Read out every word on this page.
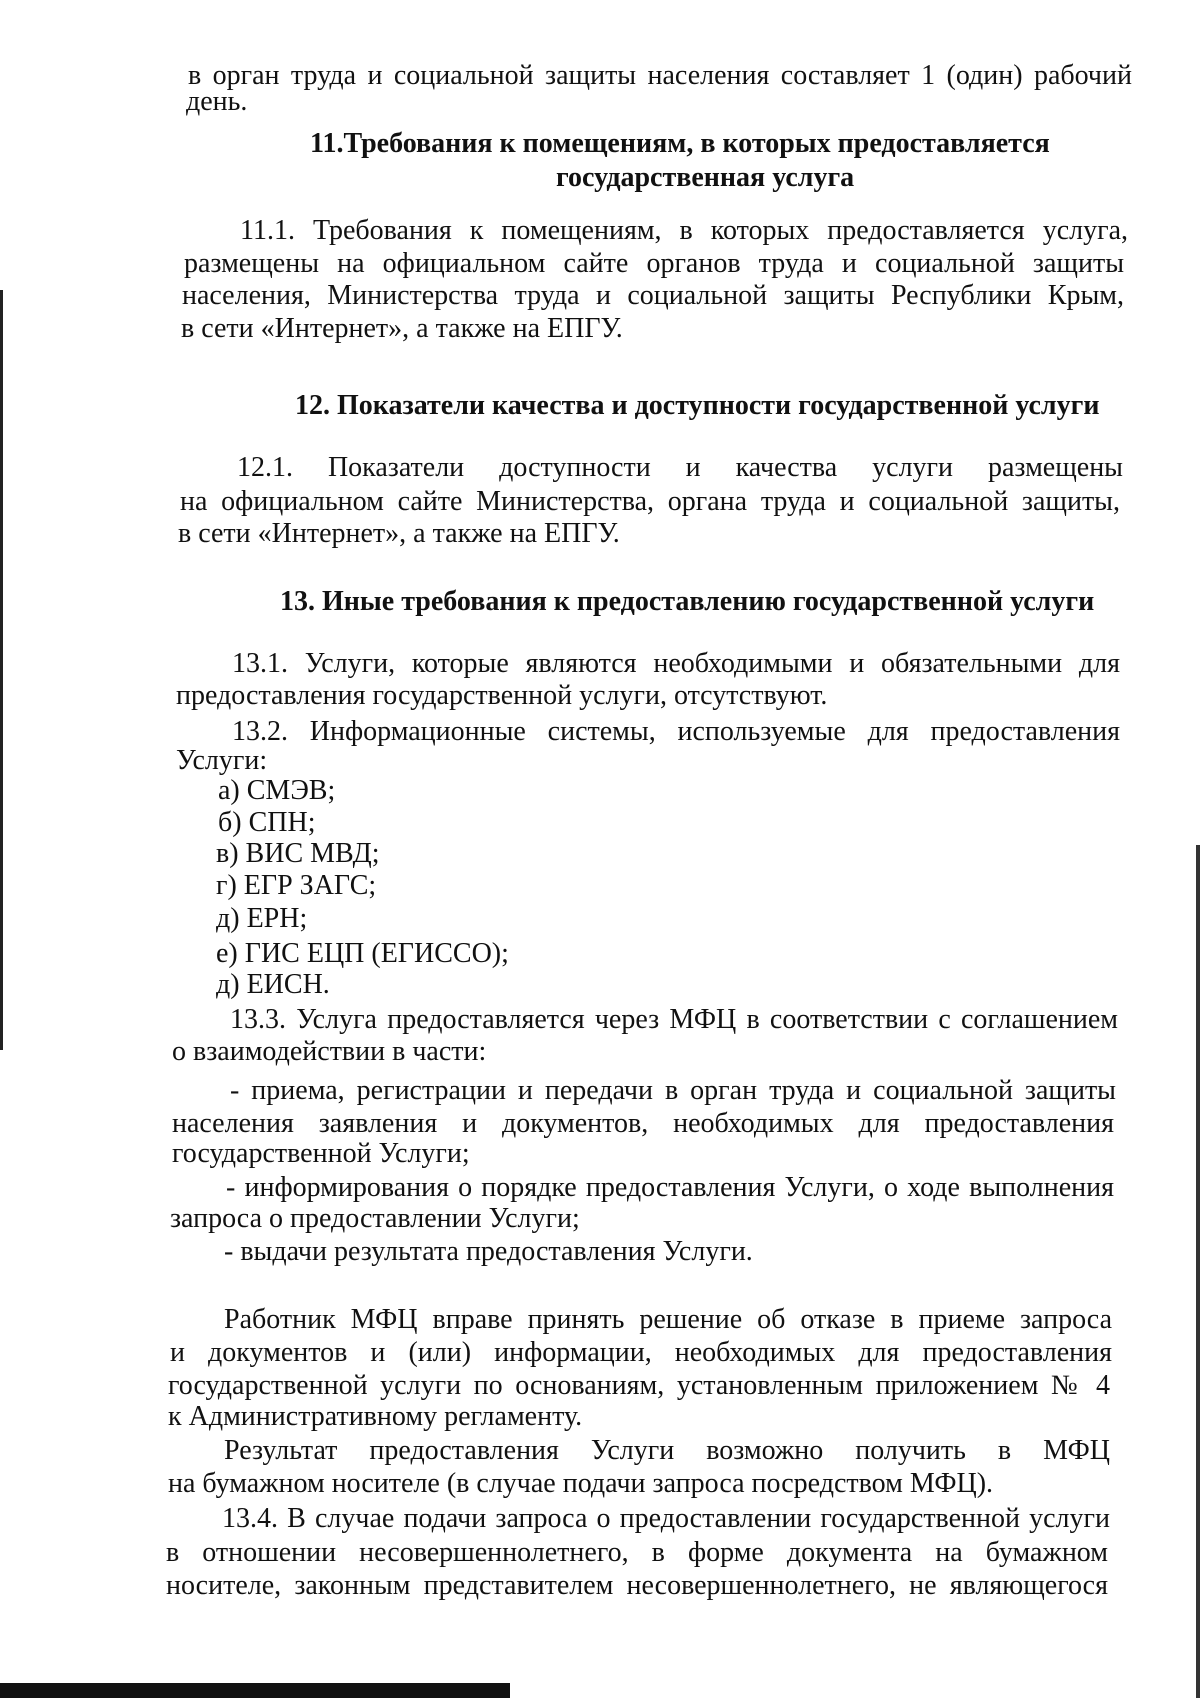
в орган труда и социальной защиты населения составляет 1 (один) рабочий
день.
11.Требования к помещениям, в которых предоставляется
государственная услуга
11.1. Требования к помещениям, в которых предоставляется услуга,
размещены на официальном сайте органов труда и социальной защиты
населения, Министерства труда и социальной защиты Республики Крым,
в сети «Интернет», а также на ЕПГУ.
12. Показатели качества и доступности государственной услуги
12.1. Показатели доступности и качества услуги размещены
на официальном сайте Министерства, органа труда и социальной защиты,
в сети «Интернет», а также на ЕПГУ.
13. Иные требования к предоставлению государственной услуги
13.1. Услуги, которые являются необходимыми и обязательными для
предоставления государственной услуги, отсутствуют.
13.2. Информационные системы, используемые для предоставления
Услуги:
а) СМЭВ;
б) СПН;
в) ВИС МВД;
г) ЕГР ЗАГС;
д) ЕРН;
е) ГИС ЕЦП (ЕГИССО);
д) ЕИСН.
13.3. Услуга предоставляется через МФЦ в соответствии с соглашением
о взаимодействии в части:
- приема, регистрации и передачи в орган труда и социальной защиты
населения заявления и документов, необходимых для предоставления
государственной Услуги;
- информирования о порядке предоставления Услуги, о ходе выполнения
запроса о предоставлении Услуги;
- выдачи результата предоставления Услуги.
Работник МФЦ вправе принять решение об отказе в приеме запроса
и документов и (или) информации, необходимых для предоставления
государственной услуги по основаниям, установленным приложением № 4
к Административному регламенту.
Результат предоставления Услуги возможно получить в МФЦ
на бумажном носителе (в случае подачи запроса посредством МФЦ).
13.4. В случае подачи запроса о предоставлении государственной услуги
в отношении несовершеннолетнего, в форме документа на бумажном
носителе, законным представителем несовершеннолетнего, не являющегося
